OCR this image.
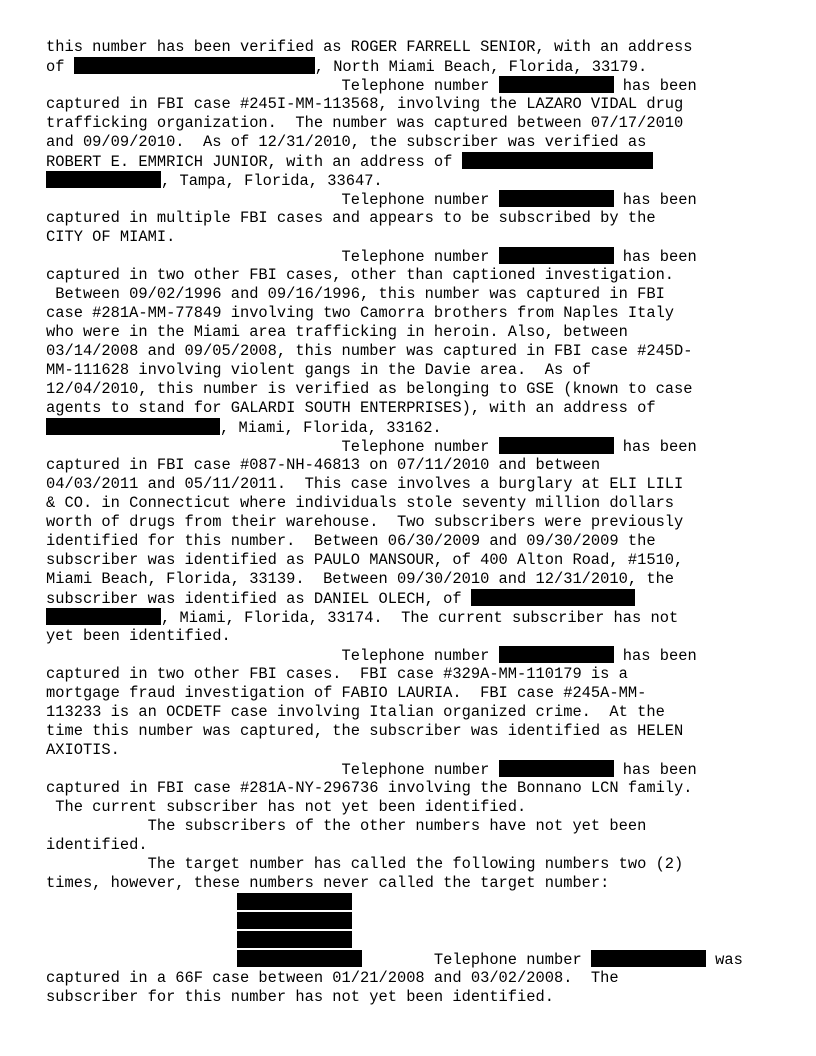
this number has been verified as ROGER FARRELL SENIOR, with an address

of	, North Miami Beach, Florida, 33179.

Telephone number	has been

captured in FBI case #245I-MM-113568, involving the LAZARO VIDAL drug

trafficking organization.  The number was captured between 07/17/2010

and 09/09/2010.  As of 12/31/2010, the subscriber was verified as

ROBERT E. EMMRICH JUNIOR, with an address of

, Tampa, Florida, 33647.

Telephone number	has been

captured in multiple FBI cases and appears to be subscribed by the

CITY OF MIAMI.

Telephone number	has been

captured in two other FBI cases, other than captioned investigation.

Between 09/02/1996 and 09/16/1996, this number was captured in FBI

case #281A-MM-77849 involving two Camorra brothers from Naples Italy

who were in the Miami area trafficking in heroin. Also, between

03/14/2008 and 09/05/2008, this number was captured in FBI case #245D-

MM-111628 involving violent gangs in the Davie area.  As of

12/04/2010, this number is verified as belonging to GSE (known to case

agents to stand for GALARDI SOUTH ENTERPRISES), with an address of

, Miami, Florida, 33162.

Telephone number	has been

captured in FBI case #087-NH-46813 on 07/11/2010 and between

04/03/2011 and 05/11/2011.  This case involves a burglary at ELI LILI

& CO. in Connecticut where individuals stole seventy million dollars

worth of drugs from their warehouse.  Two subscribers were previously

identified for this number.  Between 06/30/2009 and 09/30/2009 the

subscriber was identified as PAULO MANSOUR, of 400 Alton Road, #1510,

Miami Beach, Florida, 33139.  Between 09/30/2010 and 12/31/2010, the

subscriber was identified as DANIEL OLECH, of

, Miami, Florida, 33174.  The current subscriber has not

yet been identified.

Telephone number	has been

captured in two other FBI cases.  FBI case #329A-MM-110179 is a

mortgage fraud investigation of FABIO LAURIA.  FBI case #245A-MM-

113233 is an OCDETF case involving Italian organized crime.  At the

time this number was captured, the subscriber was identified as HELEN

AXIOTIS.

Telephone number	has been

captured in FBI case #281A-NY-296736 involving the Bonnano LCN family.

The current subscriber has not yet been identified.

The subscribers of the other numbers have not yet been

identified.

The target number has called the following numbers two (2)

times, however, these numbers never called the target number:

Telephone number	was

captured in a 66F case between 01/21/2008 and 03/02/2008.  The

subscriber for this number has not yet been identified.
